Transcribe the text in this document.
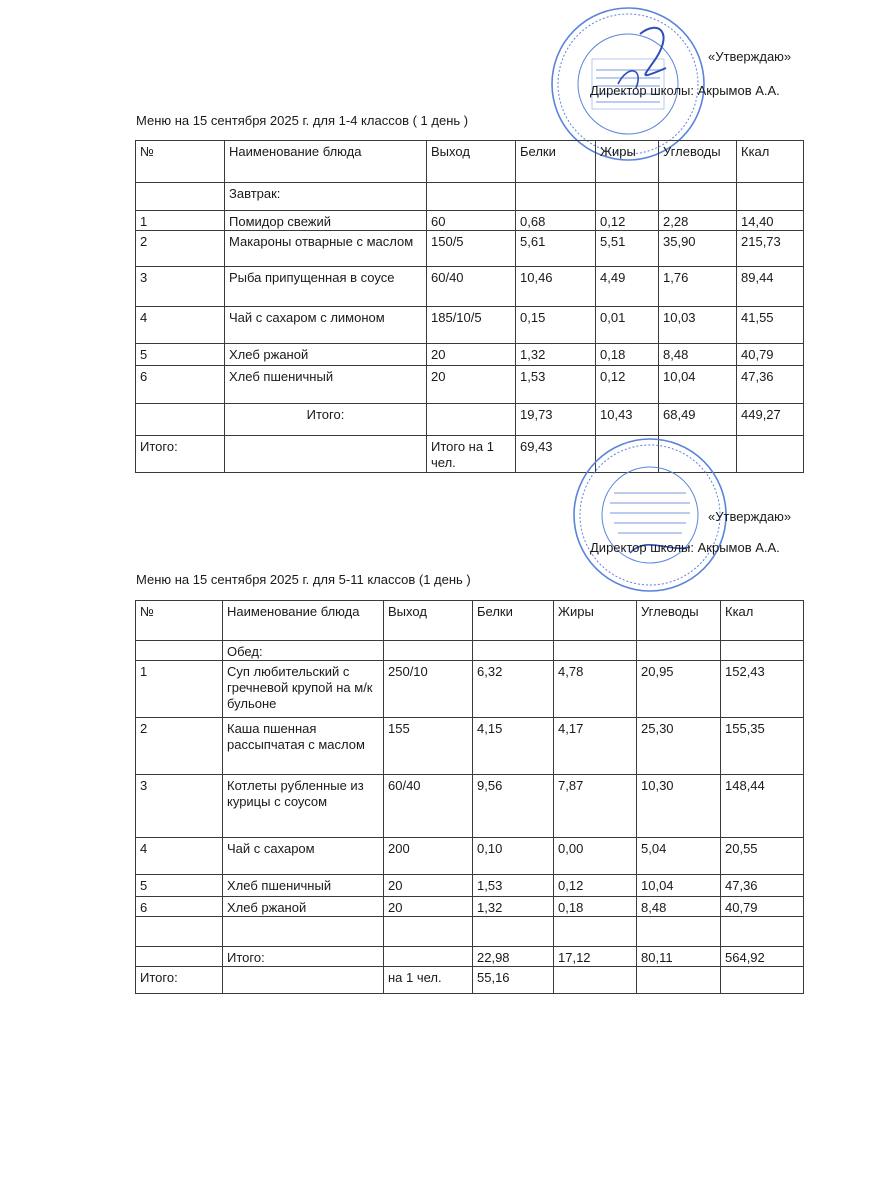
«Утверждаю»
Директор школы: Акрымов А.А.
Меню на 15 сентября 2025 г. для 1-4 классов ( 1 день )
№	Наименование блюда	Выход	Белки	Жиры	Углеводы	Ккал
	Завтрак:					
1	Помидор свежий	60	0,68	0,12	2,28	14,40
2	Макароны отварные с маслом	150/5	5,61	5,51	35,90	215,73
3	Рыба припущенная в соусе	60/40	10,46	4,49	1,76	89,44
4	Чай с сахаром с лимоном	185/10/5	0,15	0,01	10,03	41,55
5	Хлеб ржаной	20	1,32	0,18	8,48	40,79
6	Хлеб пшеничный	20	1,53	0,12	10,04	47,36
	Итого:		19,73	10,43	68,49	449,27
Итого:		Итого на 1 чел.	69,43			
«Утверждаю»
Директор школы: Акрымов А.А.
Меню на 15 сентября 2025 г. для 5-11 классов (1 день )
№	Наименование блюда	Выход	Белки	Жиры	Углеводы	Ккал
	Обед:					
1	Суп любительский с гречневой крупой на м/к бульоне	250/10	6,32	4,78	20,95	152,43
2	Каша пшенная рассыпчатая с маслом	155	4,15	4,17	25,30	155,35
3	Котлеты рубленные из курицы с соусом	60/40	9,56	7,87	10,30	148,44
4	Чай с сахаром	200	0,10	0,00	5,04	20,55
5	Хлеб пшеничный	20	1,53	0,12	10,04	47,36
6	Хлеб ржаной	20	1,32	0,18	8,48	40,79

	Итого:		22,98	17,12	80,11	564,92
Итого:		на 1 чел.	55,16			
